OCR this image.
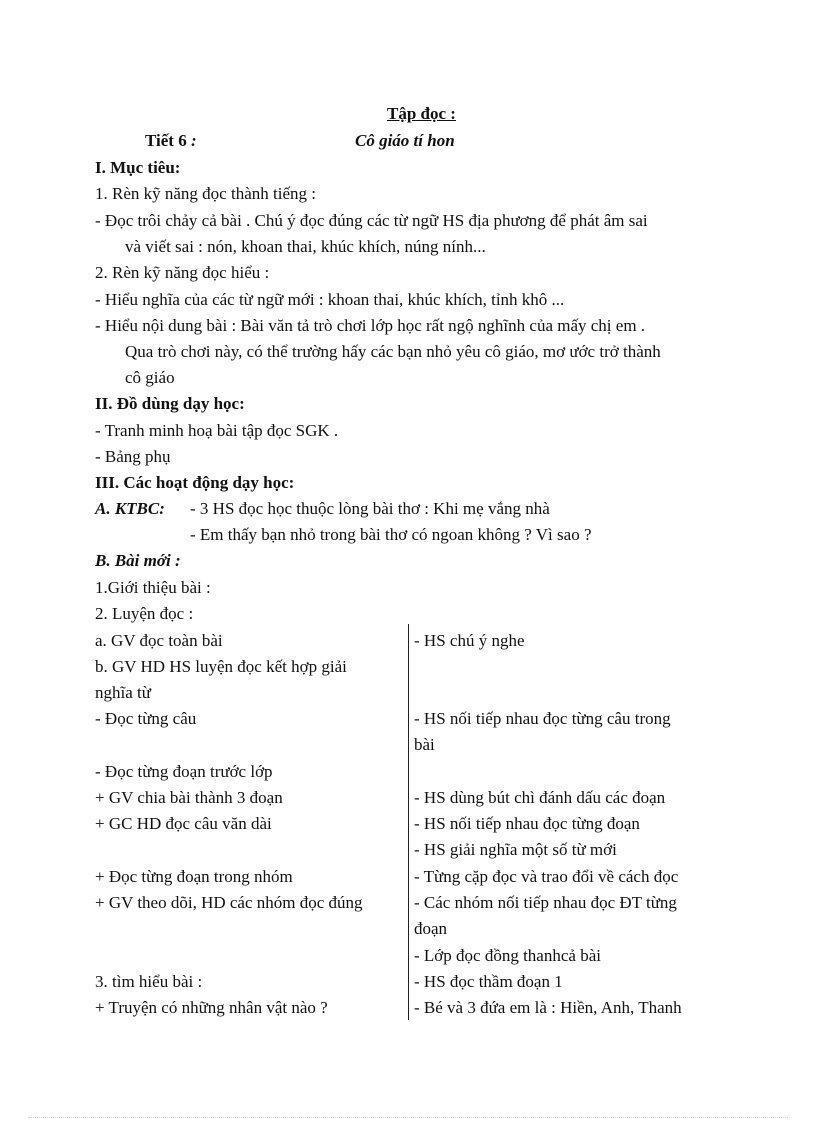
Tập đọc :
Tiết 6 :	Cô giáo tí hon
I. Mục tiêu:
1. Rèn kỹ năng đọc thành tiếng :
- Đọc trôi chảy cả bài . Chú ý đọc đúng các từ ngữ HS địa phương để phát âm sai
và viết sai : nón, khoan thai, khúc khích, núng nính...
2. Rèn kỹ năng đọc hiểu :
- Hiểu nghĩa của các từ ngữ mới : khoan thai, khúc khích, tỉnh khô ...
- Hiểu nội dung bài : Bài văn tả trò chơi lớp học rất ngộ nghĩnh của mấy chị em .
Qua trò chơi này, có thể trường hấy các bạn nhỏ yêu cô giáo, mơ ước trở thành
cô giáo
II. Đồ dùng dạy học:
- Tranh minh hoạ bài tập đọc SGK .
- Bảng phụ
III. Các hoạt động dạy học:
A. KTBC: - 3 HS đọc học thuộc lòng bài thơ : Khi mẹ vắng nhà
- Em thấy bạn nhỏ trong bài thơ có ngoan không ? Vì sao ?
B. Bài mới :
1.Giới thiệu bài :
2. Luyện đọc :
a. GV đọc toàn bài
b. GV HD HS luyện đọc kết hợp giải
nghĩa từ
- Đọc từng câu
- Đọc từng đoạn trước lớp
+ GV chia bài thành 3 đoạn
+ GC HD đọc câu văn dài
+ Đọc từng đoạn trong nhóm
+ GV theo dõi, HD các nhóm đọc đúng
3. tìm hiểu bài :
+ Truyện có những nhân vật nào ?
- HS chú ý nghe
- HS nối tiếp nhau đọc từng câu trong
bài
- HS dùng bút chì đánh dấu các đoạn
- HS nối tiếp nhau đọc từng đoạn
- HS giải nghĩa một số từ mới
- Từng cặp đọc và trao đổi về cách đọc
- Các nhóm nối tiếp nhau đọc ĐT từng
đoạn
- Lớp đọc đồng thanhcả bài
- HS đọc thầm đoạn 1
- Bé và 3 đứa em là : Hiền, Anh, Thanh
